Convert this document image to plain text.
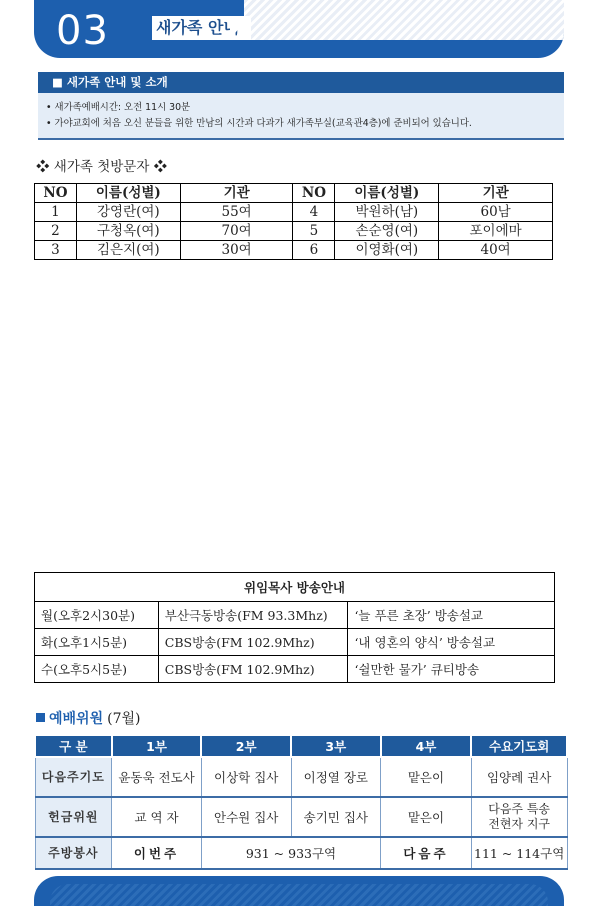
03	새가족 안내
■ 새가족 안내 및 소개
• 새가족예배시간: 오전 11시 30분
• 가야교회에 처음 오신 분들을 위한 만남의 시간과 다과가 새가족부실(교육관4층)에 준비되어 있습니다.
❖ 새가족 첫방문자 ❖
NO	이름(성별)	기관	NO	이름(성별)	기관
1	강영란(여)	55여	4	박원하(남)	60남
2	구청옥(여)	70여	5	손순영(여)	포이에마
3	김은지(여)	30여	6	이영화(여)	40여
위임목사 방송안내		
월(오후2시30분)	부산극동방송(FM 93.3Mhz)	‘늘 푸른 초장’ 방송설교
화(오후1시5분)	CBS방송(FM 102.9Mhz)	‘내 영혼의 양식’ 방송설교
수(오후5시5분)	CBS방송(FM 102.9Mhz)	‘쉴만한 물가’ 큐티방송
예배위원 (7월)
구 분	1부	2부	3부	4부	수요기도회
다음주기도	윤동욱 전도사	이상학 집사	이정열 장로	맡은이	임양례 권사
헌금위원	교 역 자	안수원 집사	송기민 집사	맡은이	다음주 특송
전현자 지구
주방봉사	이번주	931 ~ 933구역		다음주	111 ~ 114구역
